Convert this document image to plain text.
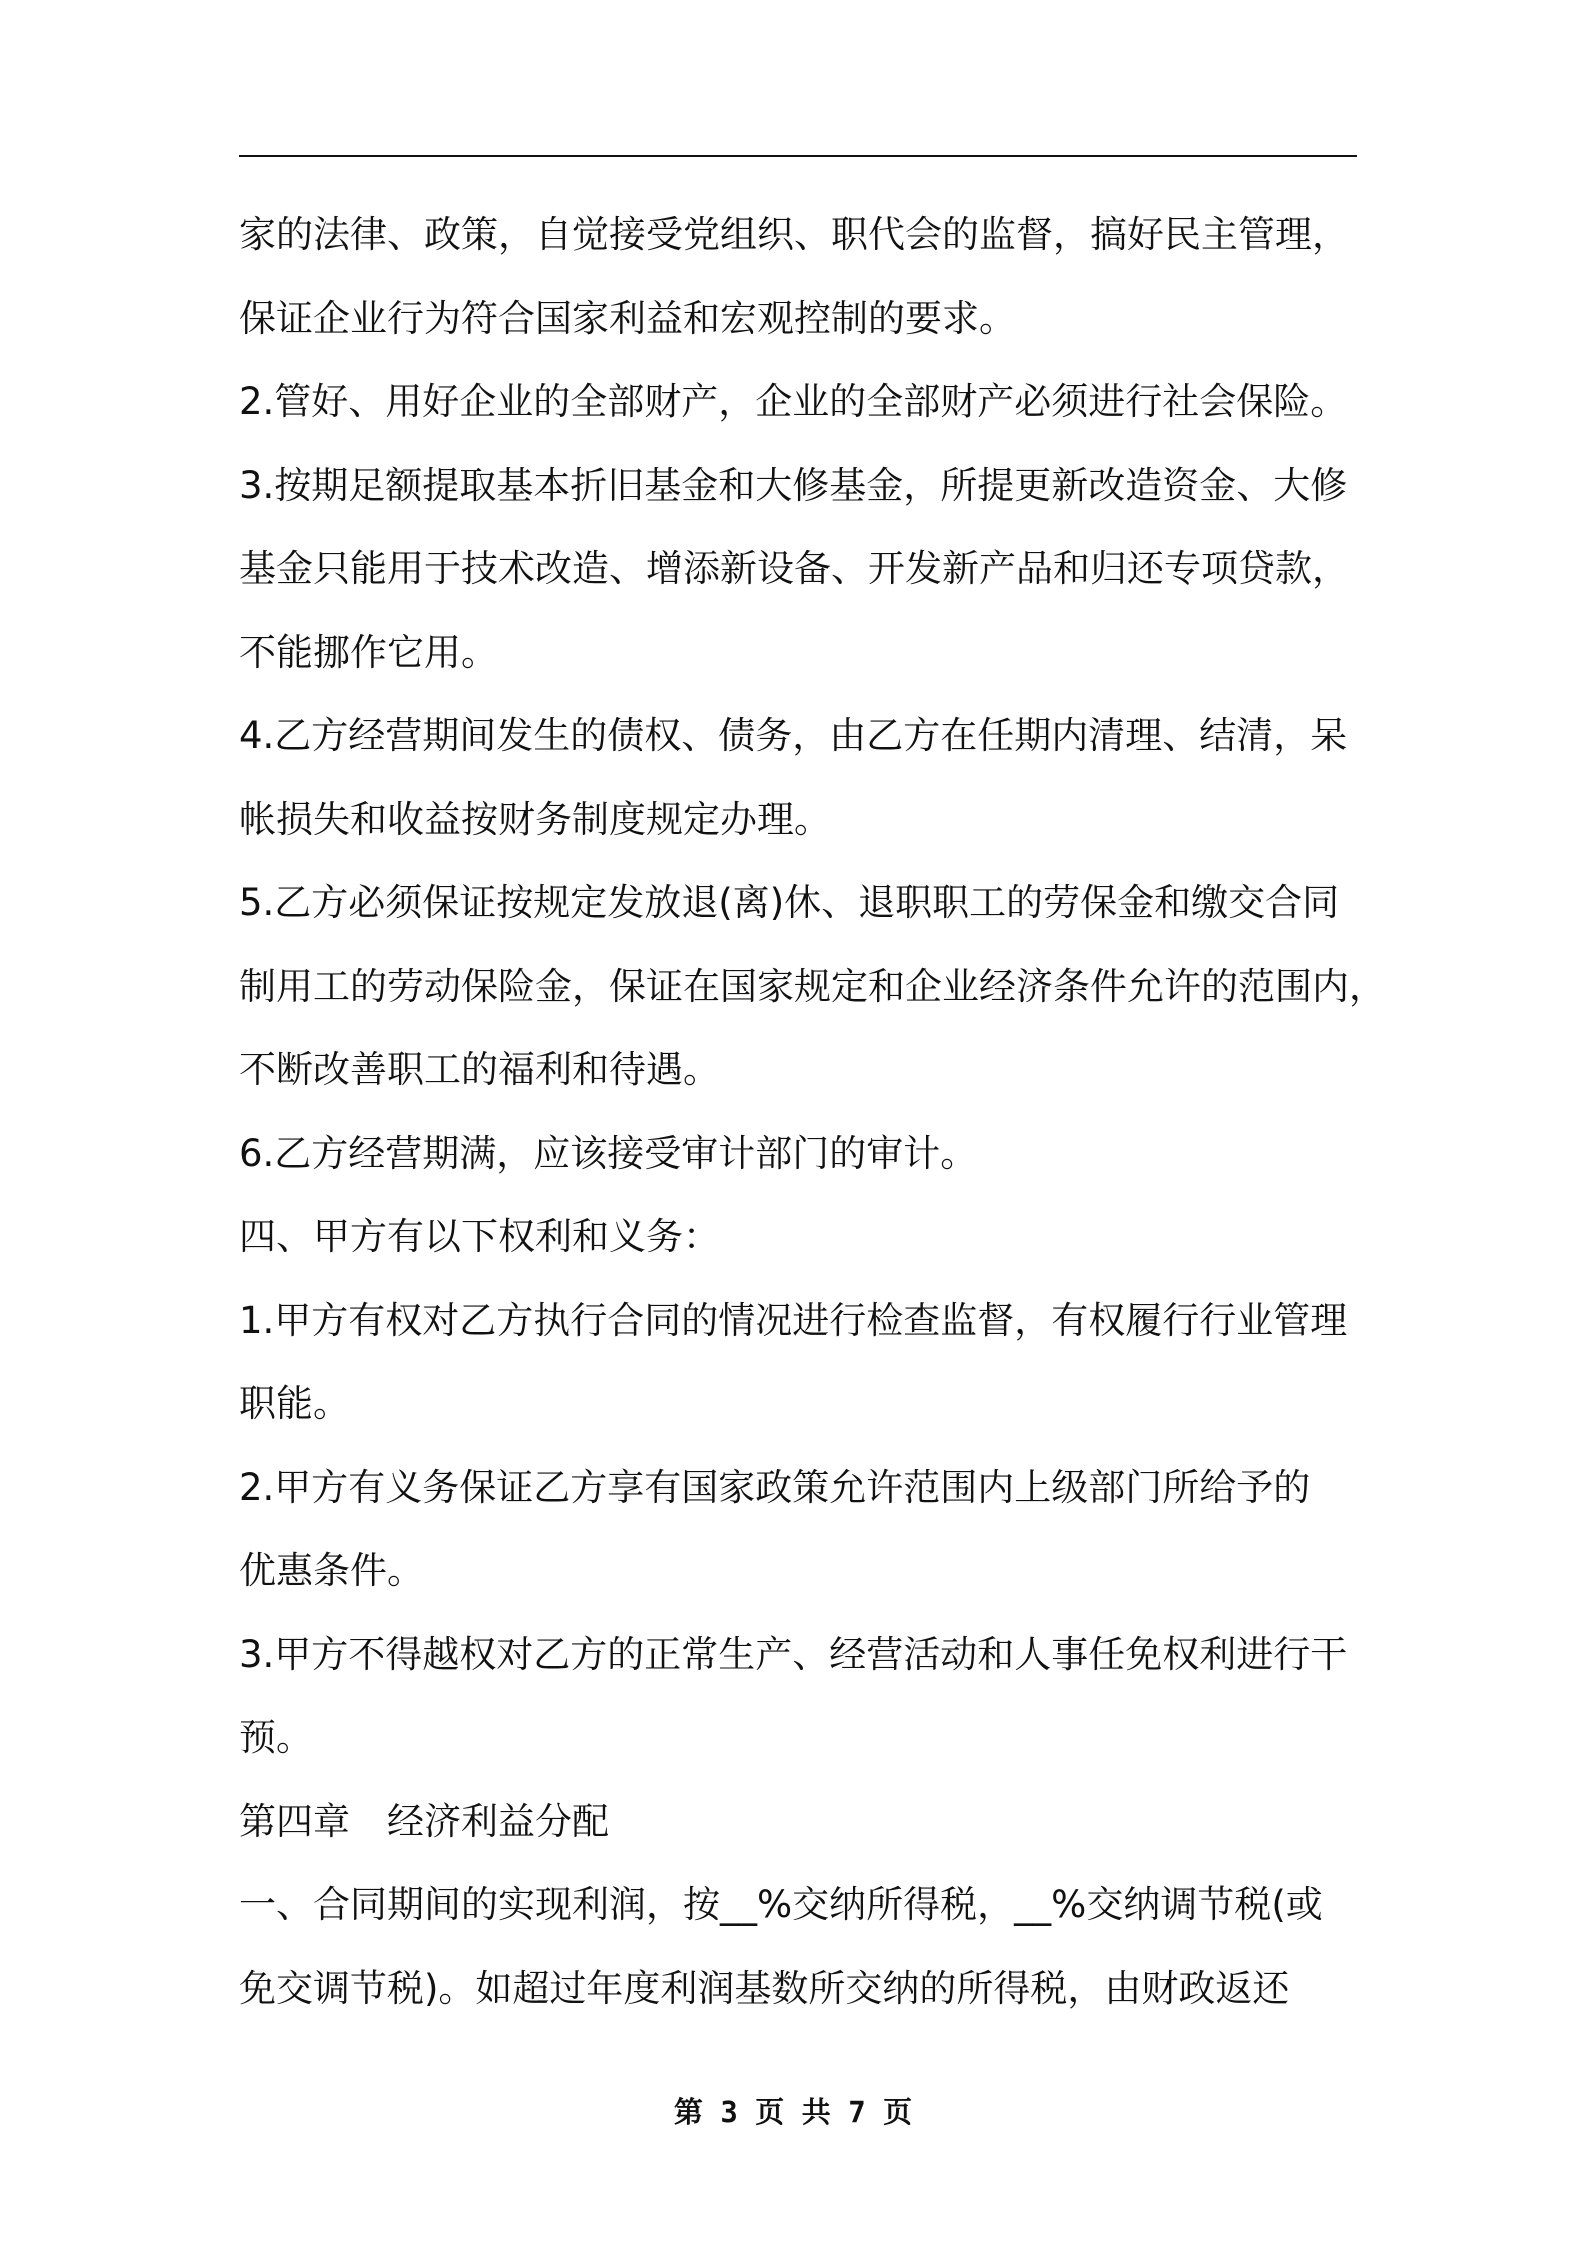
家的法律、政策，自觉接受党组织、职代会的监督，搞好民主管理，
保证企业行为符合国家利益和宏观控制的要求。
2.管好、用好企业的全部财产，企业的全部财产必须进行社会保险。
3.按期足额提取基本折旧基金和大修基金，所提更新改造资金、大修
基金只能用于技术改造、增添新设备、开发新产品和归还专项贷款，
不能挪作它用。
4.乙方经营期间发生的债权、债务，由乙方在任期内清理、结清，呆
帐损失和收益按财务制度规定办理。
5.乙方必须保证按规定发放退(离)休、退职职工的劳保金和缴交合同
制用工的劳动保险金，保证在国家规定和企业经济条件允许的范围内，
不断改善职工的福利和待遇。
6.乙方经营期满，应该接受审计部门的审计。
四、甲方有以下权利和义务：
1.甲方有权对乙方执行合同的情况进行检查监督，有权履行行业管理
职能。
2.甲方有义务保证乙方享有国家政策允许范围内上级部门所给予的
优惠条件。
3.甲方不得越权对乙方的正常生产、经营活动和人事任免权利进行干
预。
第四章　经济利益分配
一、合同期间的实现利润，按__%交纳所得税，__%交纳调节税(或
免交调节税)。如超过年度利润基数所交纳的所得税，由财政返还
第 3 页 共 7 页
